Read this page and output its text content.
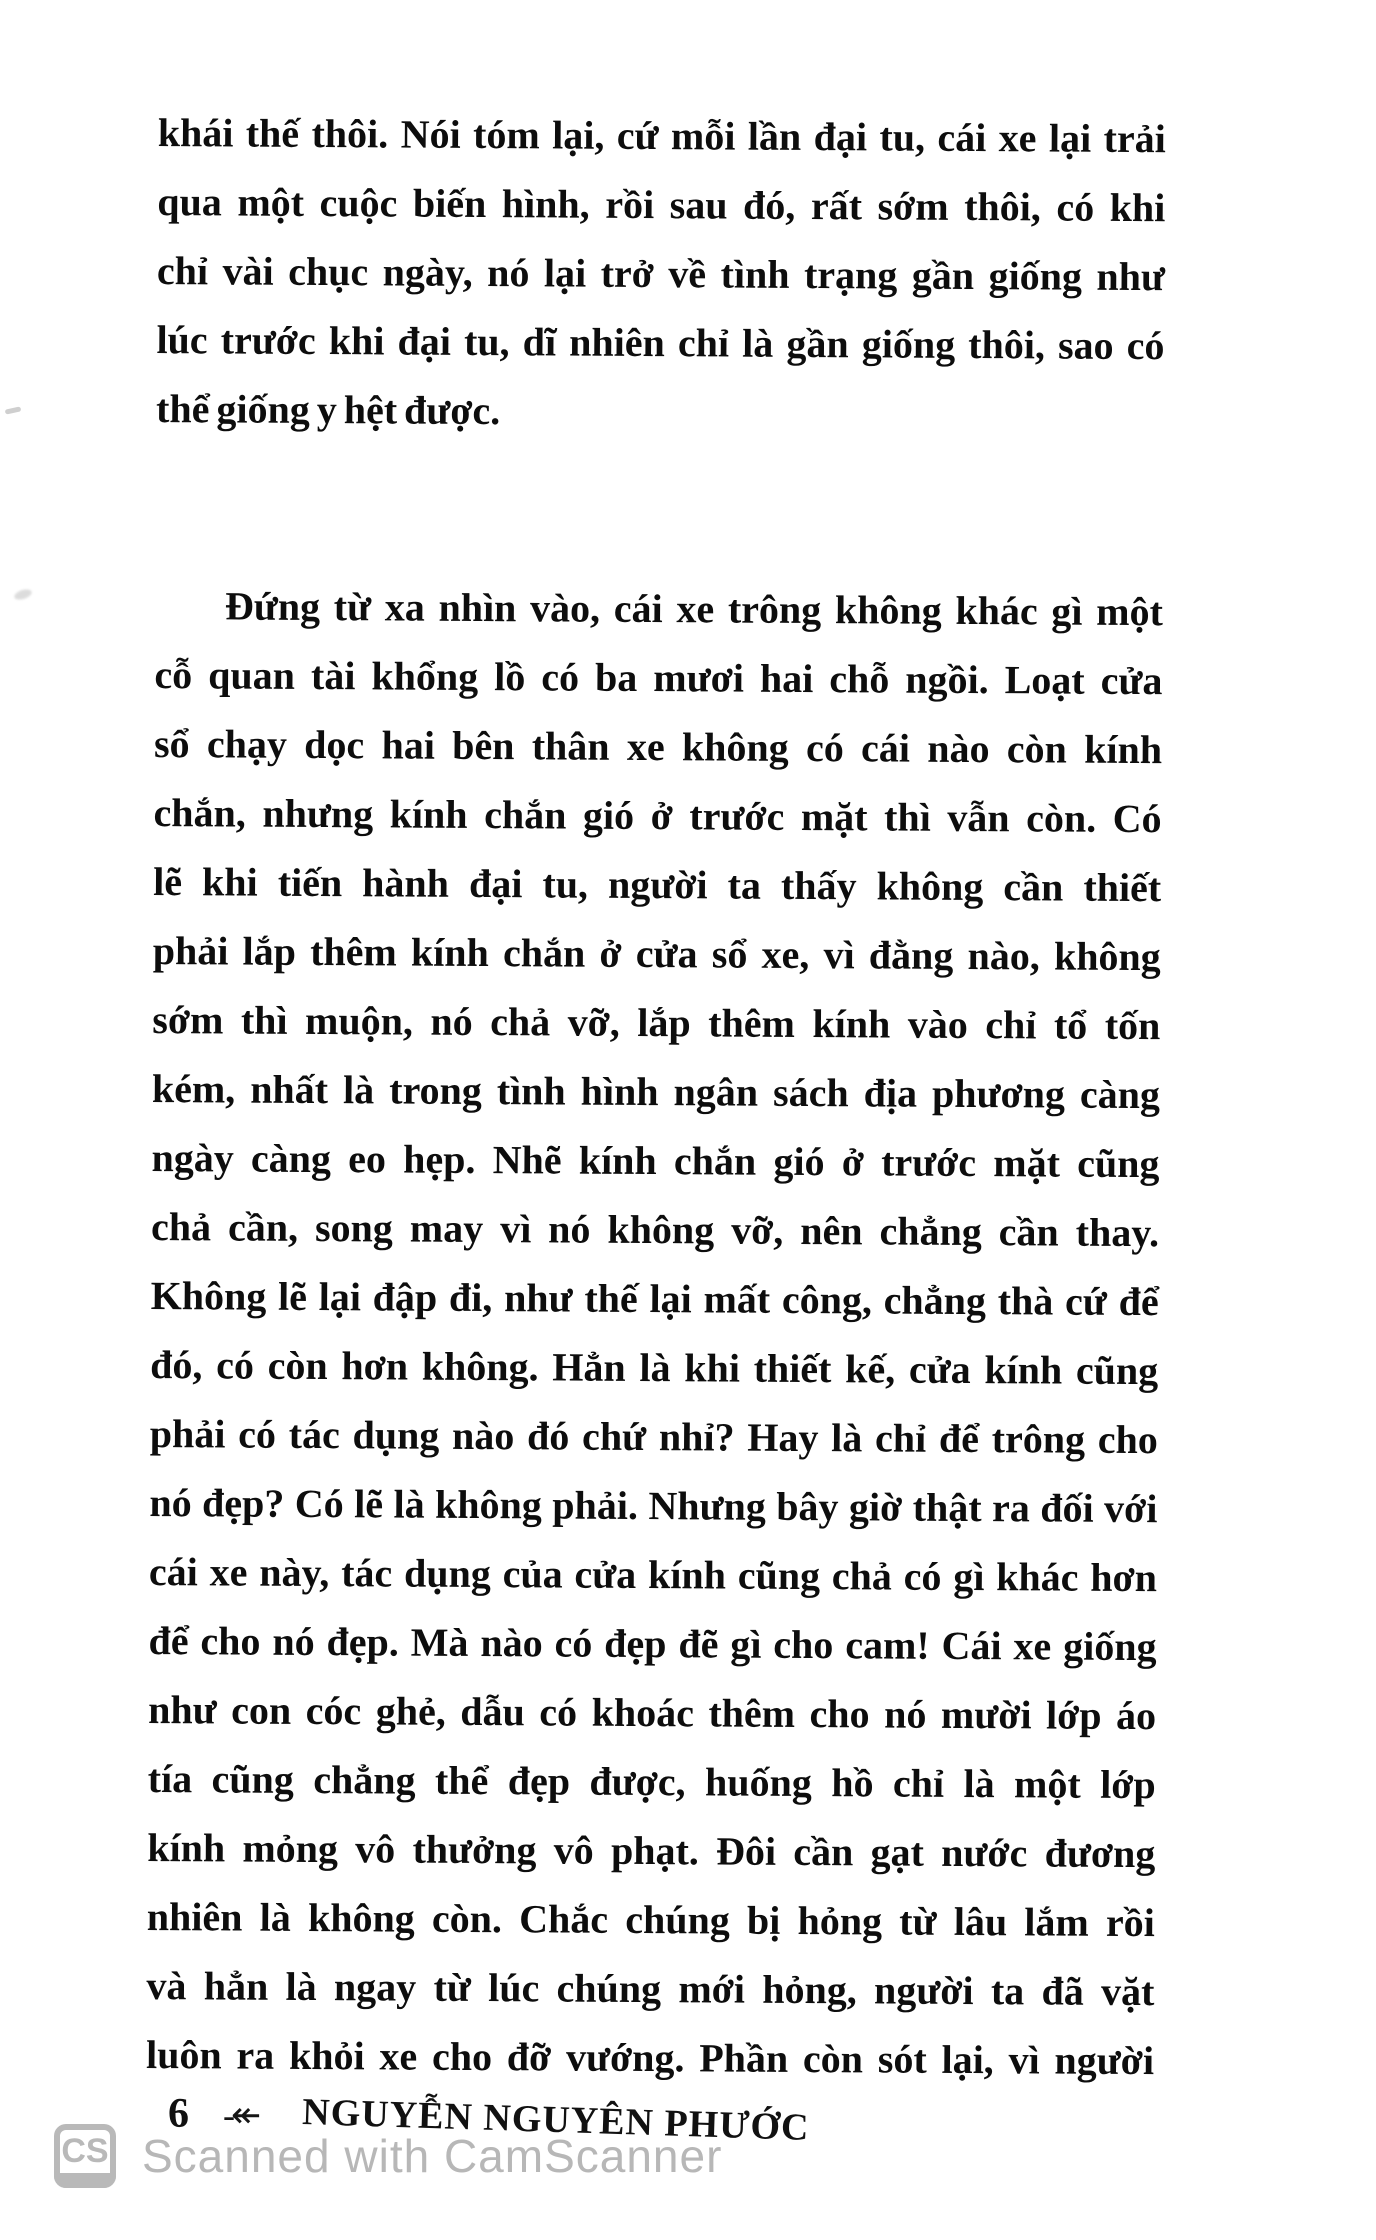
khái thế thôi. Nói tóm lại, cứ mỗi lần đại tu, cái xe lại trải
qua một cuộc biến hình, rồi sau đó, rất sớm thôi, có khi
chỉ vài chục ngày, nó lại trở về tình trạng gần giống như
lúc trước khi đại tu, dĩ nhiên chỉ là gần giống thôi, sao có
thể giống y hệt được.
Đứng từ xa nhìn vào, cái xe trông không khác gì một
cỗ quan tài khổng lồ có ba mươi hai chỗ ngồi. Loạt cửa
sổ chạy dọc hai bên thân xe không có cái nào còn kính
chắn, nhưng kính chắn gió ở trước mặt thì vẫn còn. Có
lẽ khi tiến hành đại tu, người ta thấy không cần thiết
phải lắp thêm kính chắn ở cửa sổ xe, vì đằng nào, không
sớm thì muộn, nó chả vỡ, lắp thêm kính vào chỉ tổ tốn
kém, nhất là trong tình hình ngân sách địa phương càng
ngày càng eo hẹp. Nhẽ kính chắn gió ở trước mặt cũng
chả cần, song may vì nó không vỡ, nên chẳng cần thay.
Không lẽ lại đập đi, như thế lại mất công, chẳng thà cứ để
đó, có còn hơn không. Hẳn là khi thiết kế, cửa kính cũng
phải có tác dụng nào đó chứ nhỉ? Hay là chỉ để trông cho
nó đẹp? Có lẽ là không phải. Nhưng bây giờ thật ra đối với
cái xe này, tác dụng của cửa kính cũng chả có gì khác hơn
để cho nó đẹp. Mà nào có đẹp đẽ gì cho cam! Cái xe giống
như con cóc ghẻ, dẫu có khoác thêm cho nó mười lớp áo
tía cũng chẳng thể đẹp được, huống hồ chỉ là một lớp
kính mỏng vô thưởng vô phạt. Đôi cần gạt nước đương
nhiên là không còn. Chắc chúng bị hỏng từ lâu lắm rồi
và hẳn là ngay từ lúc chúng mới hỏng, người ta đã vặt
luôn ra khỏi xe cho đỡ vướng. Phần còn sót lại, vì người
6 -↞ NGUYỄN NGUYÊN PHƯỚC
CS Scanned with CamScanner
